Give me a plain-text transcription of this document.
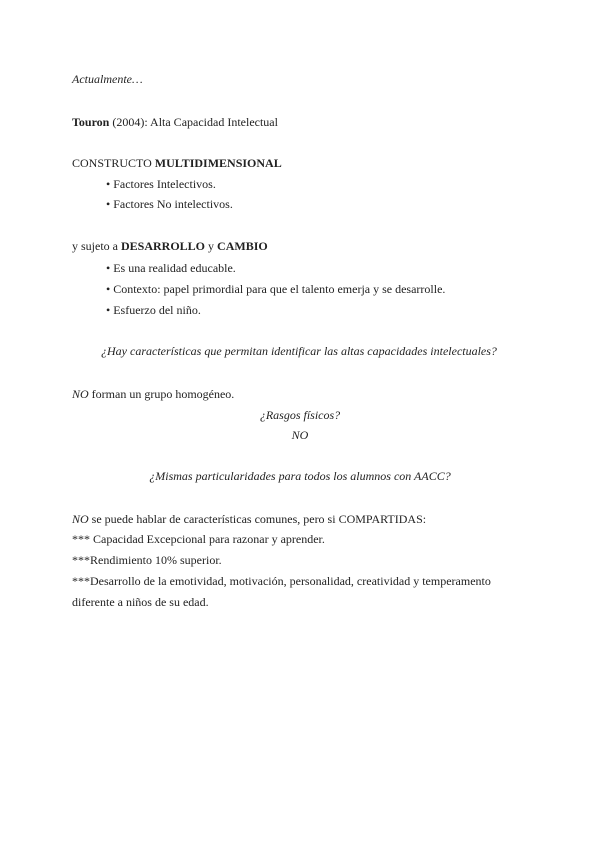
Actualmente…
Touron (2004): Alta Capacidad Intelectual
CONSTRUCTO MULTIDIMENSIONAL
• Factores Intelectivos.
• Factores No intelectivos.
y sujeto a DESARROLLO y CAMBIO
• Es una realidad educable.
• Contexto: papel primordial para que el talento emerja y se desarrolle.
• Esfuerzo del niño.
¿Hay características que permitan identificar las altas capacidades intelectuales?
NO forman un grupo homogéneo.
¿Rasgos físicos?
NO
¿Mismas particularidades para todos los alumnos con AACC?
NO se puede hablar de características comunes, pero si COMPARTIDAS:
*** Capacidad Excepcional para razonar y aprender.
***Rendimiento 10% superior.
***Desarrollo de la emotividad, motivación, personalidad, creatividad y temperamento
diferente a niños de su edad.
